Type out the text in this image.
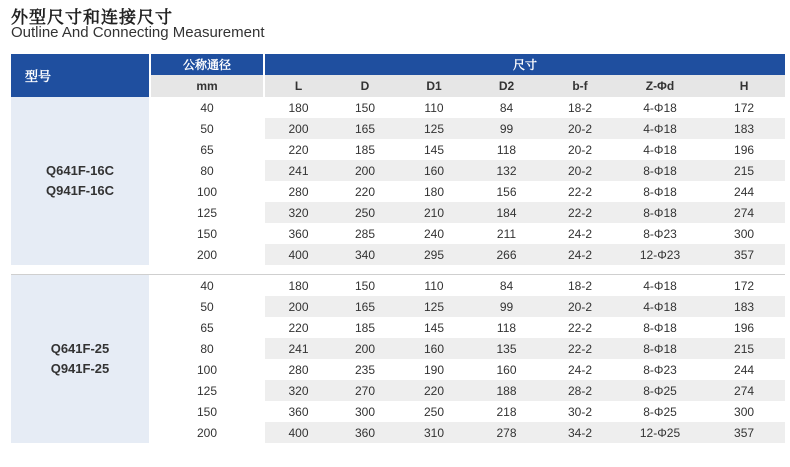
外型尺寸和连接尺寸
Outline And Connecting Measurement
型号	公称通径	尺寸						
	mm	L	D	D1	D2	b-f	Z-Φd	H

Q641F-16C
Q941F-16C	40	180	150	110	84	18-2	4-Φ18	172
	50	200	165	125	99	20-2	4-Φ18	183
	65	220	185	145	118	20-2	4-Φ18	196
	80	241	200	160	132	20-2	8-Φ18	215
	100	280	220	180	156	22-2	8-Φ18	244
	125	320	250	210	184	22-2	8-Φ18	274
	150	360	285	240	211	24-2	8-Φ23	300
	200	400	340	295	266	24-2	12-Φ23	357

Q641F-25
Q941F-25	40	180	150	110	84	18-2	4-Φ18	172
	50	200	165	125	99	20-2	4-Φ18	183
	65	220	185	145	118	22-2	8-Φ18	196
	80	241	200	160	135	22-2	8-Φ18	215
	100	280	235	190	160	24-2	8-Φ23	244
	125	320	270	220	188	28-2	8-Φ25	274
	150	360	300	250	218	30-2	8-Φ25	300
	200	400	360	310	278	34-2	12-Φ25	357
